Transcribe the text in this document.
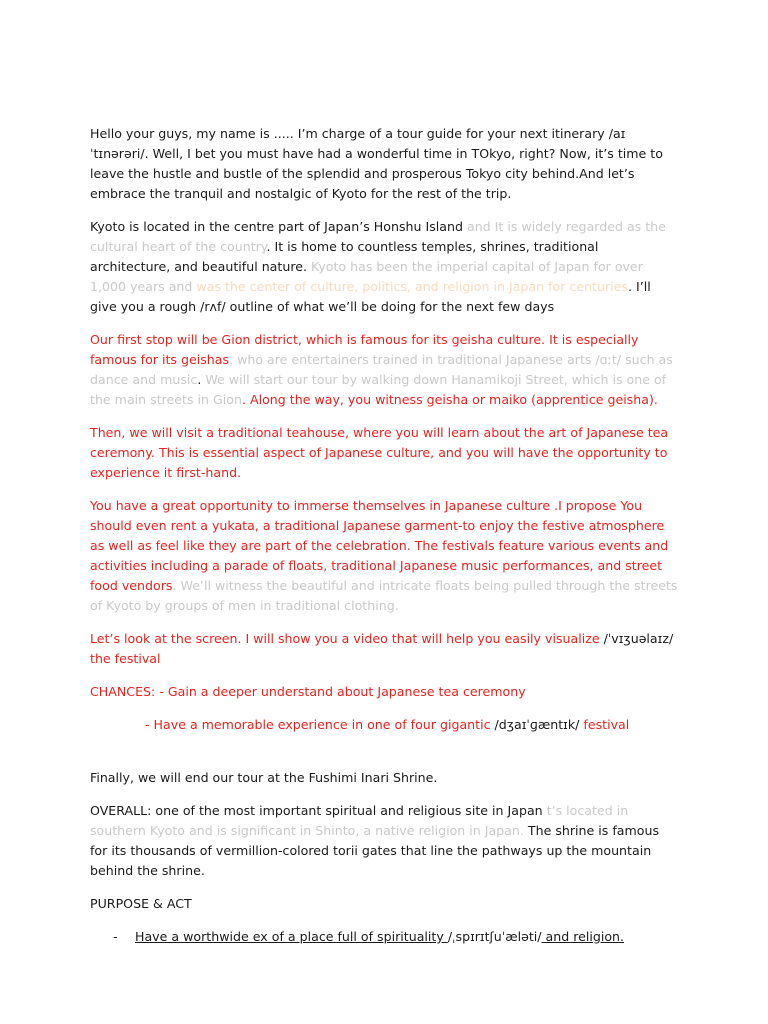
Hello your guys, my name is ..... I’m charge of a tour guide for your next itinerary /aɪˈtɪnərəri/. Well, I bet you must have had a wonderful time in TOkyo, right? Now, it’s time to leave the hustle and bustle of the splendid and prosperous Tokyo city behind.And let’s embrace the tranquil and nostalgic of Kyoto for the rest of the trip.

Kyoto is located in the centre part of Japan’s Honshu Island and It is widely regarded as the cultural heart of the country. It is home to countless temples, shrines, traditional architecture, and beautiful nature. Kyoto has been the imperial capital of Japan for over 1,000 years and was the center of culture, politics, and religion in Japan for centuries. I’ll give you a rough /rʌf/ outline of what we’ll be doing for the next few days

Our first stop will be Gion district, which is famous for its geisha culture. It is especially famous for its geishas, who are entertainers trained in traditional Japanese arts /ɑːt/ such as dance and music. We will start our tour by walking down Hanamikoji Street, which is one of the main streets in Gion. Along the way, you witness geisha or maiko (apprentice geisha).

Then, we will visit a traditional teahouse, where you will learn about the art of Japanese tea ceremony. This is essential aspect of Japanese culture, and you will have the opportunity to experience it first-hand.

You have a great opportunity to immerse themselves in Japanese culture .I propose You should even rent a yukata, a traditional Japanese garment-to enjoy the festive atmosphere as well as feel like they are part of the celebration. The festivals feature various events and activities including a parade of floats, traditional Japanese music performances, and street food vendors. We’ll witness the beautiful and intricate floats being pulled through the streets of Kyoto by groups of men in traditional clothing.

Let’s look at the screen. I will show you a video that will help you easily visualize /ˈvɪʒuəlaɪz/ the festival

CHANCES: - Gain a deeper understand about Japanese tea ceremony

- Have a memorable experience in one of four gigantic /dʒaɪˈɡæntɪk/ festival

Finally, we will end our tour at the Fushimi Inari Shrine.

OVERALL: one of the most important spiritual and religious site in Japan t’s located in southern Kyoto and is significant in Shinto, a native religion in Japan. The shrine is famous for its thousands of vermillion-colored torii gates that line the pathways up the mountain behind the shrine.

PURPOSE & ACT

-	Have a worthwide ex of a place full of spirituality /ˌspɪrɪtʃuˈæləti/ and religion.
